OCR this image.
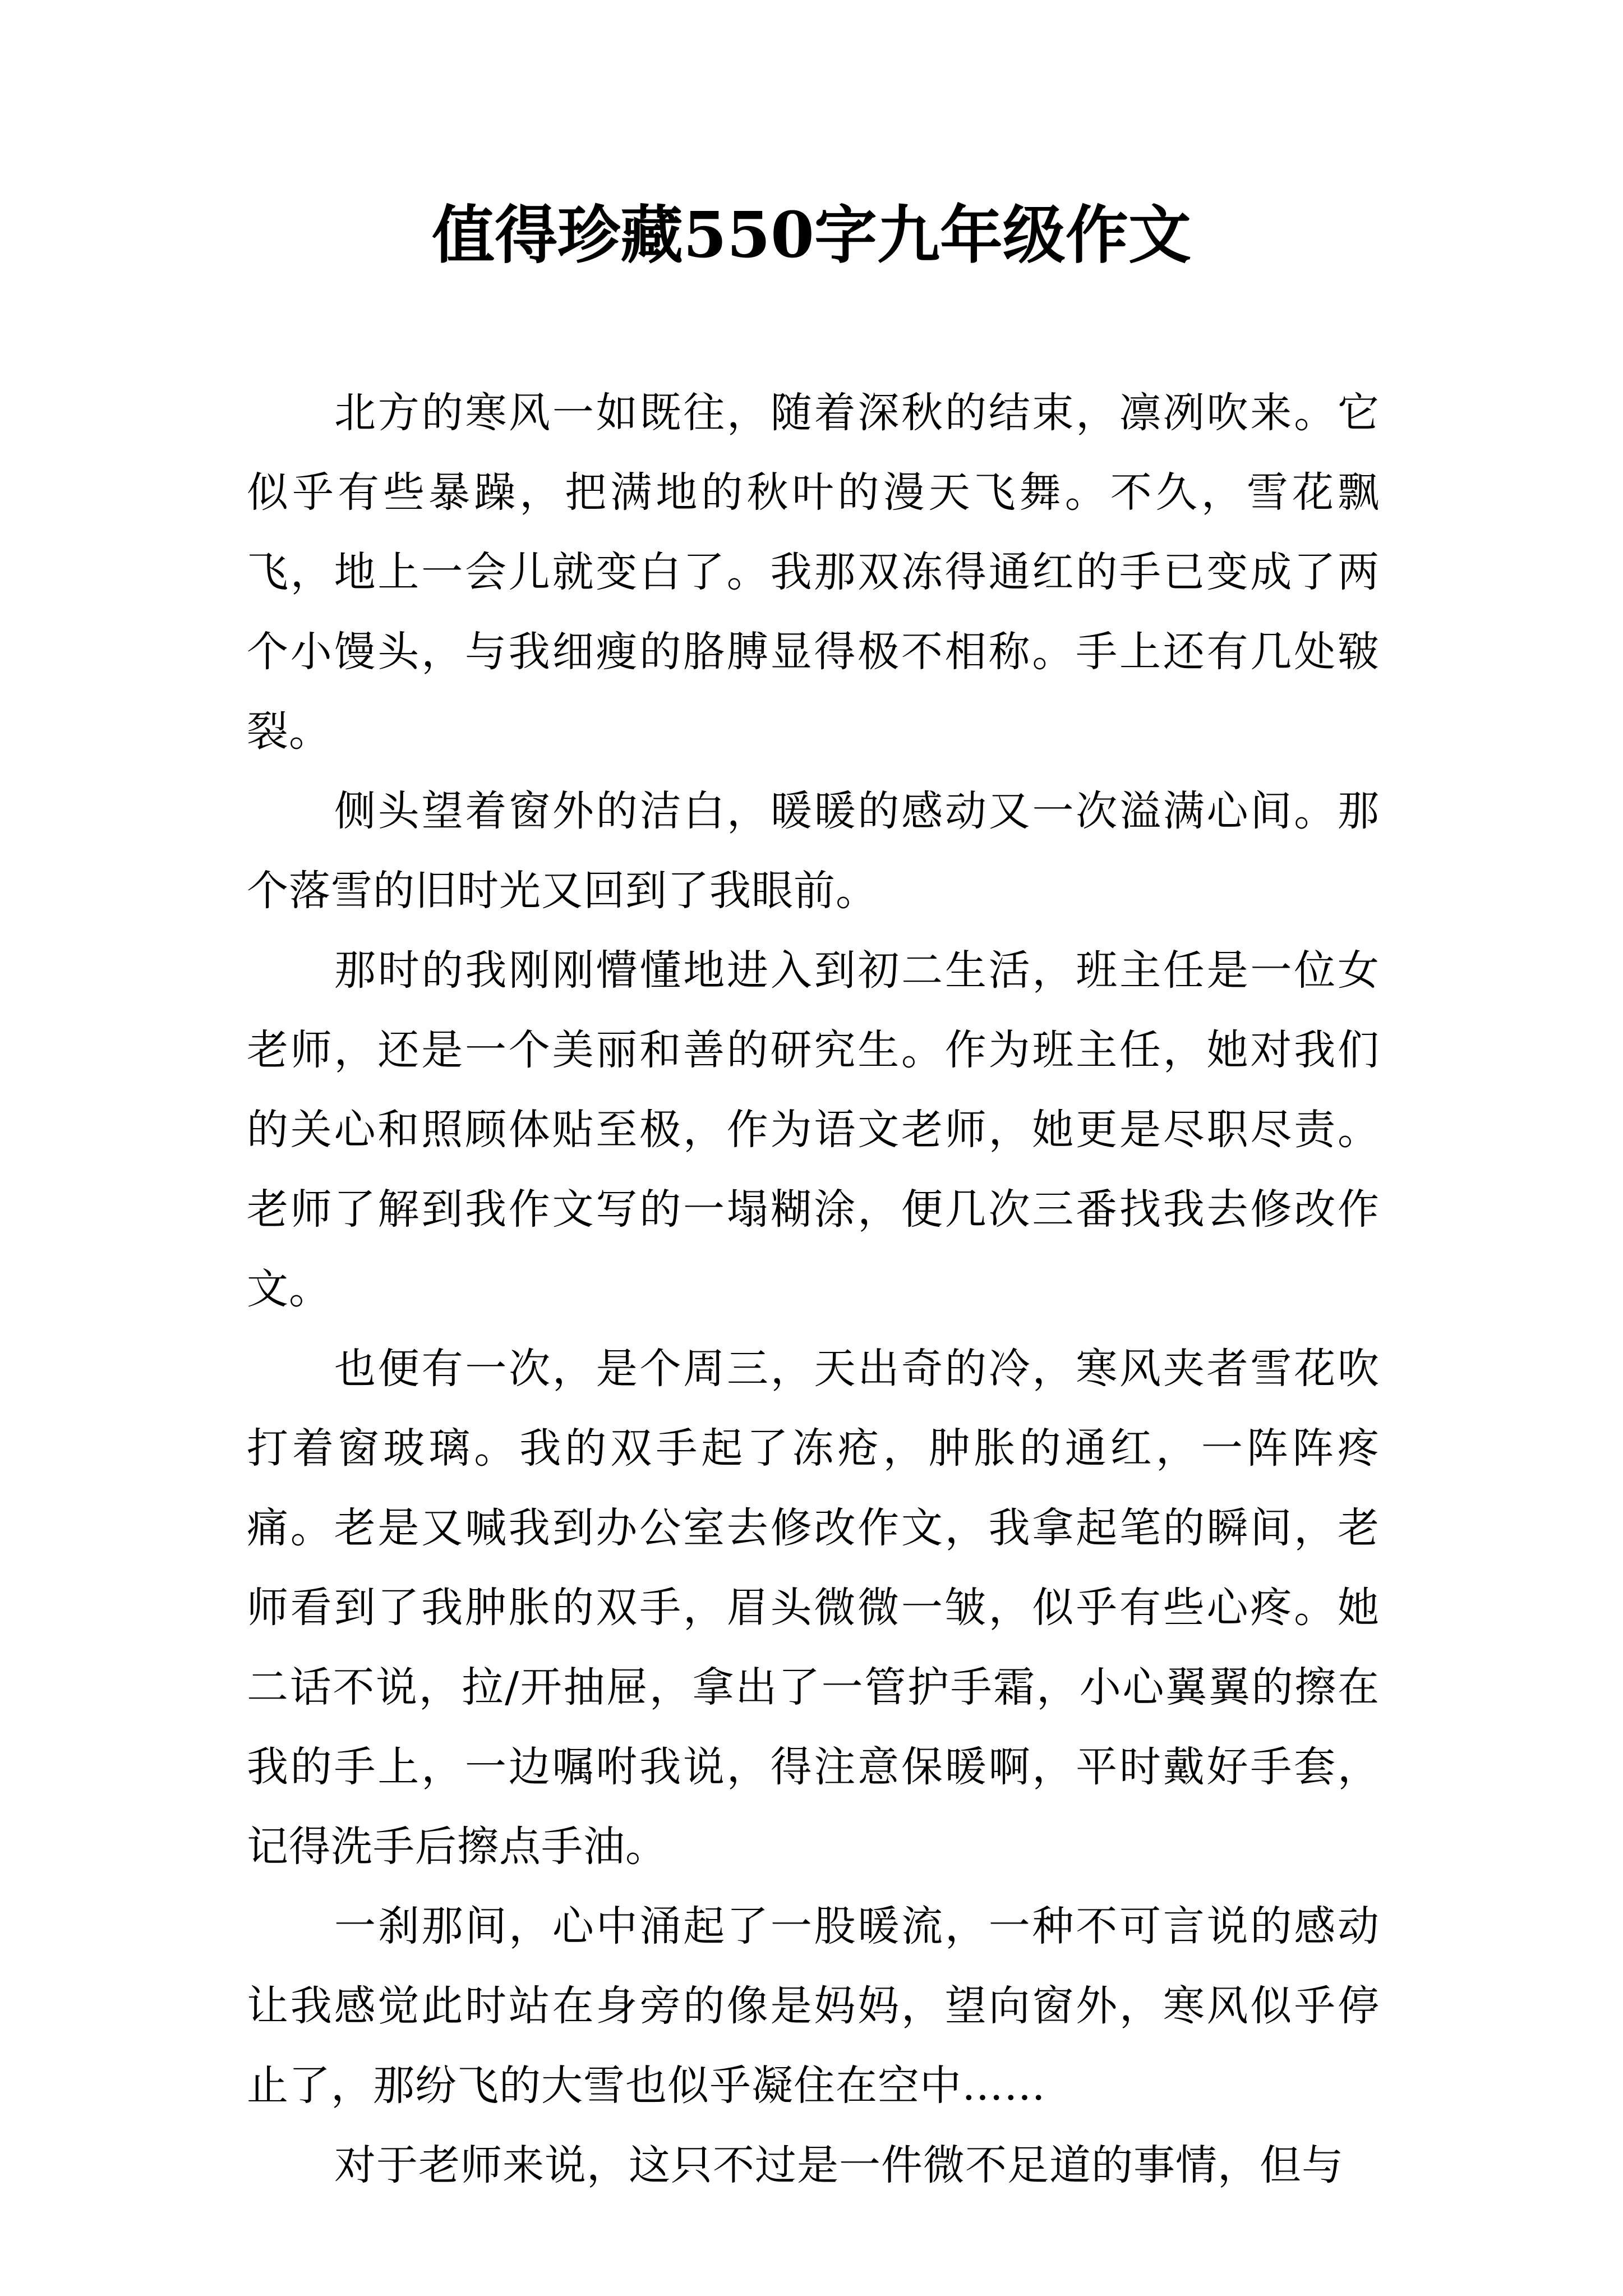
值得珍藏550字九年级作文

北方的寒风一如既往，随着深秋的结束，凛冽吹来。它似乎有些暴躁，把满地的秋叶的漫天飞舞。不久，雪花飘飞，地上一会儿就变白了。我那双冻得通红的手已变成了两个小馒头，与我细瘦的胳膊显得极不相称。手上还有几处皲裂。

侧头望着窗外的洁白，暖暖的感动又一次溢满心间。那个落雪的旧时光又回到了我眼前。

那时的我刚刚懵懂地进入到初二生活，班主任是一位女老师，还是一个美丽和善的研究生。作为班主任，她对我们的关心和照顾体贴至极，作为语文老师，她更是尽职尽责。老师了解到我作文写的一塌糊涂，便几次三番找我去修改作文。

也便有一次，是个周三，天出奇的冷，寒风夹者雪花吹打着窗玻璃。我的双手起了冻疮，肿胀的通红，一阵阵疼痛。老是又喊我到办公室去修改作文，我拿起笔的瞬间，老师看到了我肿胀的双手，眉头微微一皱，似乎有些心疼。她二话不说，拉/开抽屉，拿出了一管护手霜，小心翼翼的擦在我的手上，一边嘱咐我说，得注意保暖啊，平时戴好手套，记得洗手后擦点手油。

一刹那间，心中涌起了一股暖流，一种不可言说的感动让我感觉此时站在身旁的像是妈妈，望向窗外，寒风似乎停止了，那纷飞的大雪也似乎凝住在空中……

对于老师来说，这只不过是一件微不足道的事情，但与
